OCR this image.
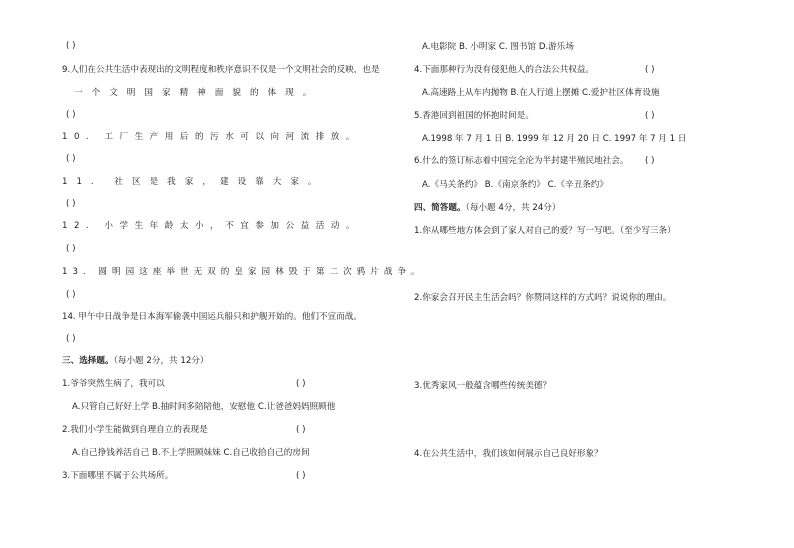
( )
9.人们在公共生活中表现出的文明程度和秩序意识不仅是一个文明社会的反映，也是
一个文明国家精神面貌的体现。
( )
10. 工厂生产用后的污水可以向河流排放。
( )
11. 社区是我家，建设靠大家。
( )
12. 小学生年龄太小，不宜参加公益活动。
( )
13. 圆明园这座举世无双的皇家园林毁于第二次鸦片战争。
( )
14. 甲午中日战争是日本海军偷袭中国运兵船只和护舰开始的。他们不宣而战。
( )
三、选择题。（每小题 2分，共 12分）
1.爷爷突然生病了，我可以	( )
A.只管自己好好上学 B.抽时间多陪陪他，安慰他 C.让爸爸妈妈照顾他
2.我们小学生能做到自理自立的表现是	( )
A.自己挣钱养活自己 B.不上学照顾妹妹 C.自己收拾自己的房间
3.下面哪里不属于公共场所。	( )
A.电影院 B. 小明家 C. 图书馆 D.游乐场
4.下面那种行为没有侵犯他人的合法公共权益。	( )
A.高速路上从车内抛物 B.在人行道上摆摊 C.爱护社区体育设施
5.香港回到祖国的怀抱时间是。	( )
A.1998 年 7 月 1 日 B. 1999 年 12 月 20 日 C. 1997 年 7 月 1 日
6.什么的签订标志着中国完全沦为半封建半殖民地社会。 ( )
A.《马关条约》 B.《南京条约》 C.《辛丑条约》
四、简答题。（每小题 4分，共 24分）
1.你从哪些地方体会到了家人对自己的爱？写一写吧。（至少写三条）
2.你家会召开民主生活会吗？你赞同这样的方式吗？说说你的理由。
3.优秀家风一般蕴含哪些传统美德？
4.在公共生活中，我们该如何展示自己良好形象？
